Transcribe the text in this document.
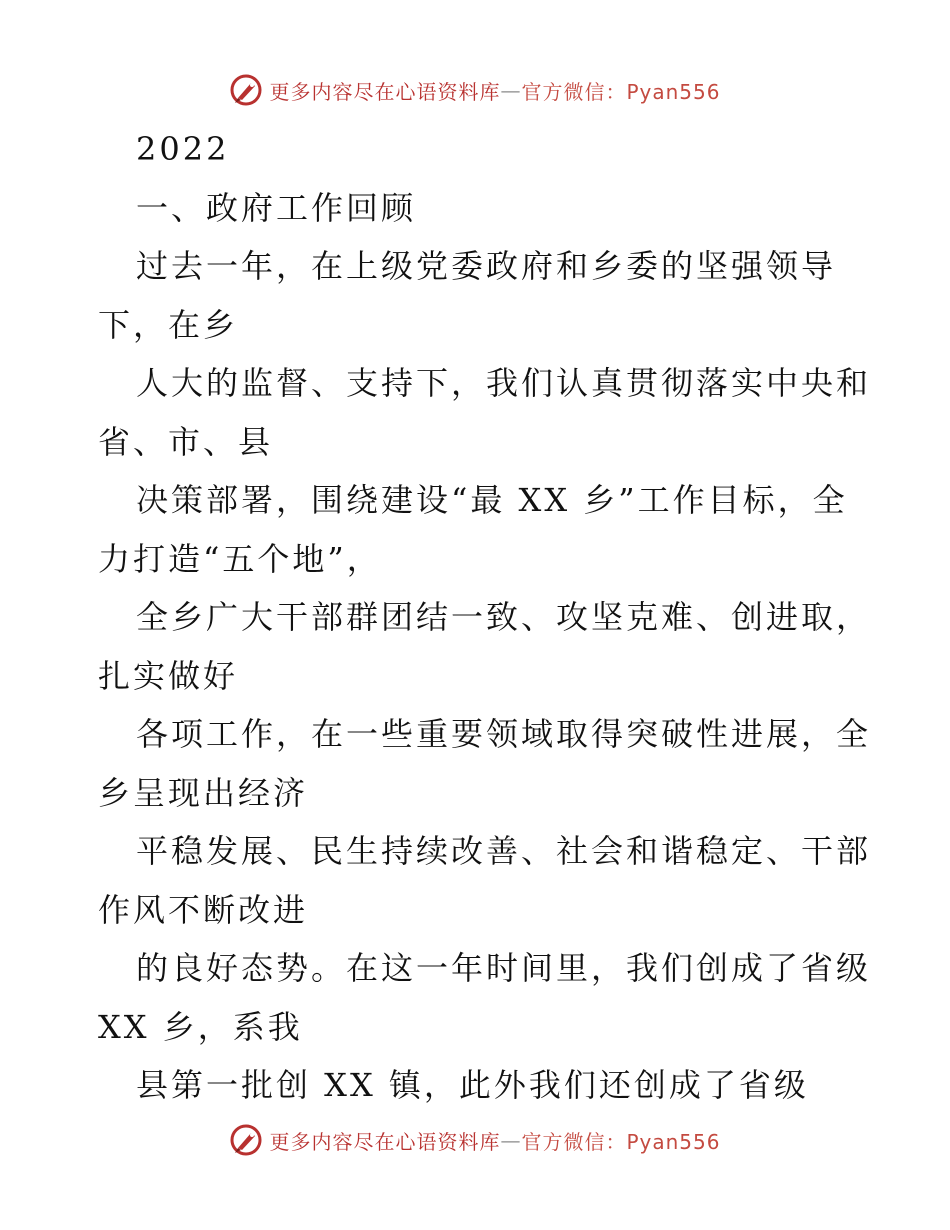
更多内容尽在心语资料库 — 官方微信：Pyan556
2022
一、政府工作回顾
过去一年，在上级党委政府和乡委的坚强领导
下，在乡
人大的监督、支持下，我们认真贯彻落实中央和
省、市、县
决策部署，围绕建设“最 XX 乡”工作目标，全
力打造“五个地”，
全乡广大干部群团结一致、攻坚克难、创进取，
扎实做好
各项工作，在一些重要领域取得突破性进展，全
乡呈现出经济
平稳发展、民生持续改善、社会和谐稳定、干部
作风不断改进
的良好态势。在这一年时间里，我们创成了省级
XX 乡，系我
县第一批创 XX 镇，此外我们还创成了省级
更多内容尽在心语资料库 — 官方微信：Pyan556
